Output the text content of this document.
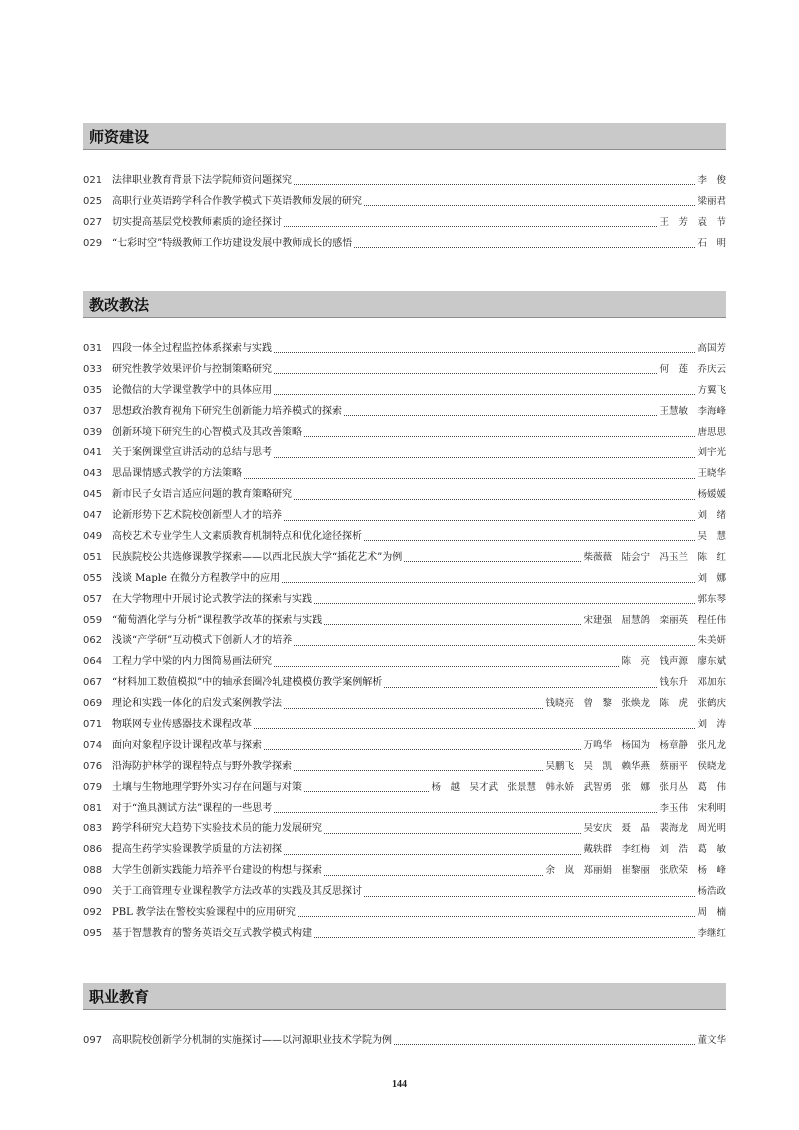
师资建设
021 法律职业教育背景下法学院师资问题探究	李　俊
025 高职行业英语跨学科合作教学模式下英语教师发展的研究	梁丽君
027 切实提高基层党校教师素质的途径探讨	王　芳　袁　节
029 “七彩时空”特级教师工作坊建设发展中教师成长的感悟	石　明
教改教法
031 四段一体全过程监控体系探索与实践	高国芳
033 研究性教学效果评价与控制策略研究	何　莲　乔庆云
035 论微信的大学课堂教学中的具体应用	方翼飞
037 思想政治教育视角下研究生创新能力培养模式的探索	王慧敏　李海峰
039 创新环境下研究生的心智模式及其改善策略	唐思思
041 关于案例课堂宣讲活动的总结与思考	刘宇光
043 思品课情感式教学的方法策略	王晓华
045 新市民子女语言适应问题的教育策略研究	杨媛媛
047 论新形势下艺术院校创新型人才的培养	刘　绪
049 高校艺术专业学生人文素质教育机制特点和优化途径探析	吴　慧
051 民族院校公共选修课教学探索——以西北民族大学“插花艺术”为例	柴薇薇　陆会宁　冯玉兰　陈　红
055 浅谈 Maple 在微分方程教学中的应用	刘　娜
057 在大学物理中开展讨论式教学法的探索与实践	郭东琴
059 “葡萄酒化学与分析”课程教学改革的探索与实践	宋建强　屈慧鸽　栾丽英　程任伟
062 浅谈“产学研”互动模式下创新人才的培养	朱美妍
064 工程力学中梁的内力图简易画法研究	陈　亮　钱声源　廖东斌
067 “材料加工数值模拟”中的轴承套圈冷轧建模模仿教学案例解析	钱东升　邓加东
069 理论和实践一体化的启发式案例教学法	钱晓亮　曾　黎　张焕龙　陈　虎　张鹤庆
071 物联网专业传感器技术课程改革	刘　涛
074 面向对象程序设计课程改革与探索	万鸣华　杨国为　杨章静　张凡龙
076 沿海防护林学的课程特点与野外教学探索	吴鹏飞　吴　凯　赖华燕　蔡丽平　侯晓龙
079 土壤与生物地理学野外实习存在问题与对策	杨　越　吴才武　张景慧　韩永娇　武智勇　张　娜　张月丛　葛　伟
081 对于“渔具测试方法”课程的一些思考	李玉伟　宋利明
083 跨学科研究大趋势下实验技术员的能力发展研究	吴安庆　聂　晶　裴海龙　周光明
086 提高生药学实验课教学质量的方法初探	戴轶群　李红梅　刘　浩　葛　敏
088 大学生创新实践能力培养平台建设的构想与探索	余　岚　郑丽娟　崔黎丽　张欣荣　杨　峰
090 关于工商管理专业课程教学方法改革的实践及其反思探讨	杨浩政
092 PBL 教学法在警校实验课程中的应用研究	周　楠
095 基于智慧教育的警务英语交互式教学模式构建	李继红
职业教育
097 高职院校创新学分机制的实施探讨——以河源职业技术学院为例	董文华
144
